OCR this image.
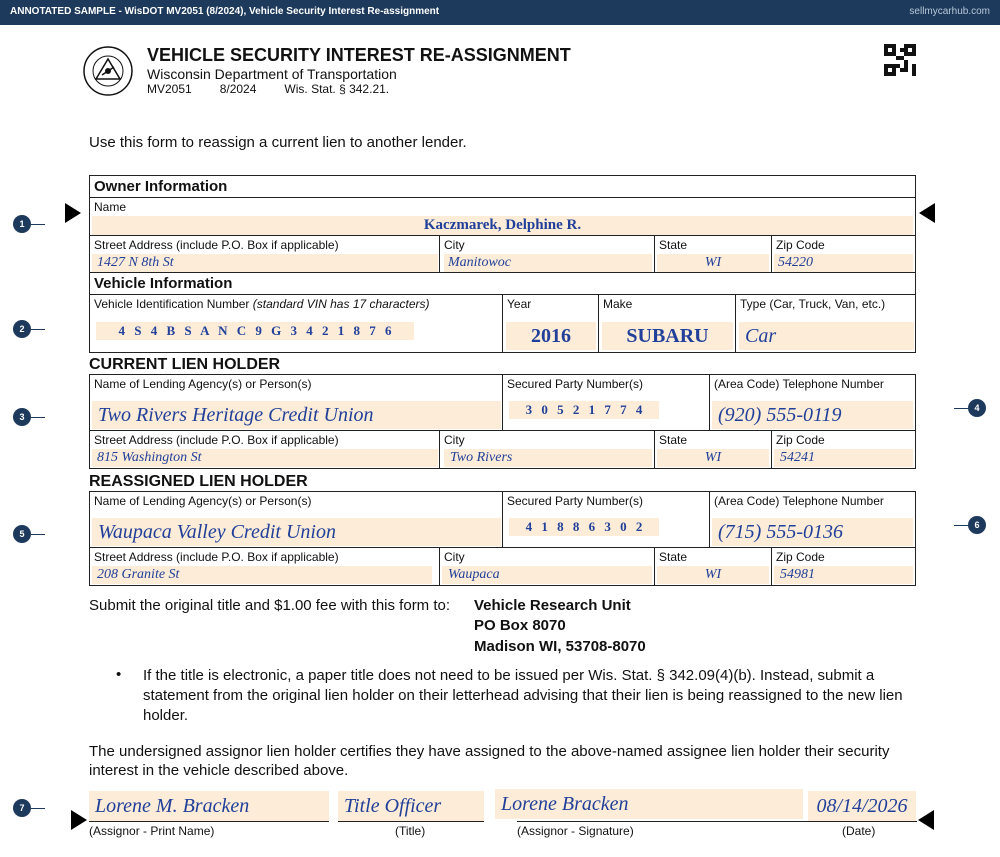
ANNOTATED SAMPLE - WisDOT MV2051 (8/2024), Vehicle Security Interest Re-assignment	sellmycarhub.com
VEHICLE SECURITY INTEREST RE-ASSIGNMENT
Wisconsin Department of Transportation
MV2051 8/2024 Wis. Stat. § 342.21.
Use this form to reassign a current lien to another lender.
Owner Information
Name
Kaczmarek, Delphine R.
Street Address (include P.O. Box if applicable)
1427 N 8th St
City
Manitowoc
State
WI
Zip Code
54220
Vehicle Information
Vehicle Identification Number (standard VIN has 17 characters)
4 S 4 B S A N C 9 G 3 4 2 1 8 7 6
Year
2016
Make
SUBARU
Type (Car, Truck, Van, etc.)
Car
CURRENT LIEN HOLDER
Name of Lending Agency(s) or Person(s)
Two Rivers Heritage Credit Union
Secured Party Number(s)
3 0 5 2 1 7 7 4
(Area Code) Telephone Number
(920) 555-0119
Street Address (include P.O. Box if applicable)
815 Washington St
City
Two Rivers
State
WI
Zip Code
54241
REASSIGNED LIEN HOLDER
Name of Lending Agency(s) or Person(s)
Waupaca Valley Credit Union
Secured Party Number(s)
4 1 8 8 6 3 0 2
(Area Code) Telephone Number
(715) 555-0136
Street Address (include P.O. Box if applicable)
208 Granite St
City
Waupaca
State
WI
Zip Code
54981
Submit the original title and $1.00 fee with this form to: Vehicle Research Unit
PO Box 8070
Madison WI, 53708-8070
• If the title is electronic, a paper title does not need to be issued per Wis. Stat. § 342.09(4)(b). Instead, submit a statement from the original lien holder on their letterhead advising that their lien is being reassigned to the new lien holder.
The undersigned assignor lien holder certifies they have assigned to the above-named assignee lien holder their security interest in the vehicle described above.
Lorene M. Bracken
(Assignor - Print Name)
Title Officer
(Title)
Lorene Bracken
(Assignor - Signature)
08/14/2026
(Date)
1
2
3
4
5
6
7
